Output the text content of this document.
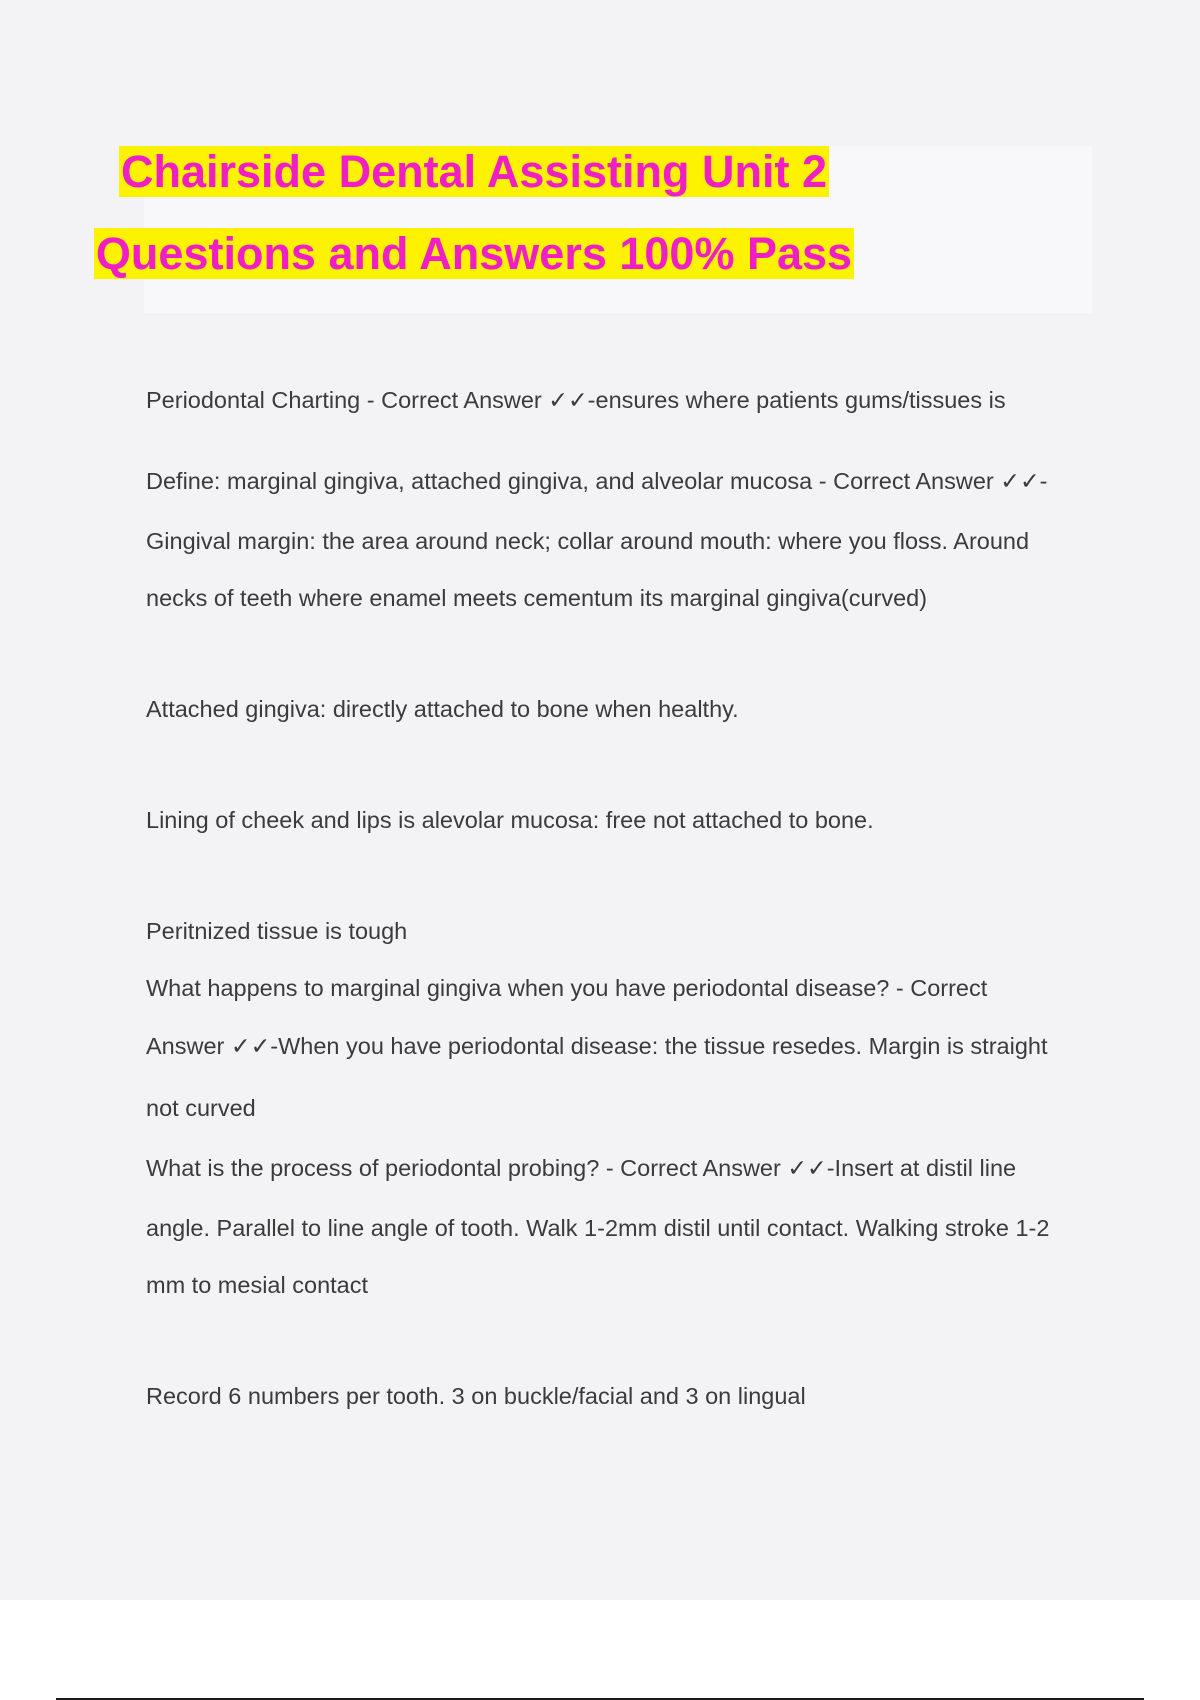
Chairside Dental Assisting Unit 2
Questions and Answers 100% Pass
Periodontal Charting - Correct Answer ✓✓-ensures where patients gums/tissues is
Define: marginal gingiva, attached gingiva, and alveolar mucosa - Correct Answer ✓✓-
Gingival margin: the area around neck; collar around mouth: where you floss. Around
necks of teeth where enamel meets cementum its marginal gingiva(curved)
Attached gingiva: directly attached to bone when healthy.
Lining of cheek and lips is alevolar mucosa: free not attached to bone.
Peritnized tissue is tough
What happens to marginal gingiva when you have periodontal disease? - Correct
Answer ✓✓-When you have periodontal disease: the tissue resedes. Margin is straight
not curved
What is the process of periodontal probing? - Correct Answer ✓✓-Insert at distil line
angle. Parallel to line angle of tooth. Walk 1-2mm distil until contact. Walking stroke 1-2
mm to mesial contact
Record 6 numbers per tooth. 3 on buckle/facial and 3 on lingual
